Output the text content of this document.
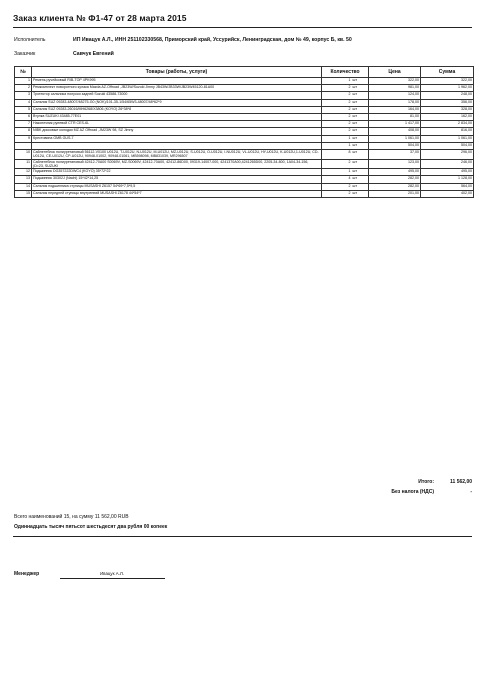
Заказ клиента № Ф1-47 от 28 марта 2015
Исполнитель	ИП Ивацук А.Л., ИНН 251102330568, Приморский край, Уссурийск, Ленинградская, дом № 49, корпус Б, кв. 50
Заказчик	Савчук Евгений
№	Товары (работы, услуги)	Количество		Цена	Сумма
1	Ремень ручейковый RIB-TOP 4PK995	1	шт	322,00	322,00
2	Ремкомплект поворотного кулака Mazda AZ-Offroad ,JB23W/Suzuki Jimny JB43W/JB33W/JB23W45120-81A00	2	шт	981,00	1 962,00
3	Тротектор сальника полуоси задней Suzuki 43588-73000	2	шт	124,00	248,00
4	Сальник SUZ 09283-48007/48275-G0 (NOK)/101-35-1/54/65W3-48007/48*62*9	2	шт	178,00	356,00
5	Сальник SUZ 09283-26016/MH6268/X3806 (KOYO) 26*38*8	2	шт	164,00	328,00
6	Втулка SUZUKI 43485-77E01	2	шт	81,00	162,00
7	Наконечник рулевой CTR CES-6L	2	шт	1 417,00	2 834,00
8	NIBK дисковые колодки MZ AZ Offroad ,JM23W 98, SZ Jimny	2	шт	408,00	816,00
9	Крестовина GMB GUS-7	1	шт	1 061,00	1 061,00
		1	шт	504,00	504,00
10	Сайлентблок полиуретановый 56112-V0100 U012U, T-U012U, N-U012U, M-U012U, MZ-U012U, S-U012U, O-U012U, I-NU012U, VL-U012U, HY-U012U, K-U012U,1-U012U, CD-U012U, CE-U012U, CP-U012U, 90948-01002, 90948-01061, MB598098, MB831039, MR296507	8	шт	37,00	296,00
11	Сайлентблок полиуретановый 42412-70A00 S0069V, MZ-S0069V, 42412-70A00, 42412-86D00, 09319-14007-000, 4241370A00,4241265D00, 2205-34-800, 1A04-34-156, (D=23, SUZUKI	2	шт	123,00	246,00
12	Подшипник DG357222DWC4 (KOYO) 35*72*22	1	шт	495,00	495,00
13	Подшипник 30302J (Nachi) 15*42*14,25	4	шт	282,00	1 128,00
14	Сальник подшипника ступицы MUSASHI Z6157 54*69*7,5*9,5	2	шт	282,00	564,00
15	Сальник передней ступицы внутренний MUSASHI Z6178 44*54*7	2	шт	201,00	402,00
Итого:	11 562,00
Без налога (НДС)	-
Всего наименований 15, на сумму 11 562,00 RUB
Одиннадцать тысяч пятьсот шестьдесят два рубля 00 копеек
Менеджер	Ивацук А.Л.
